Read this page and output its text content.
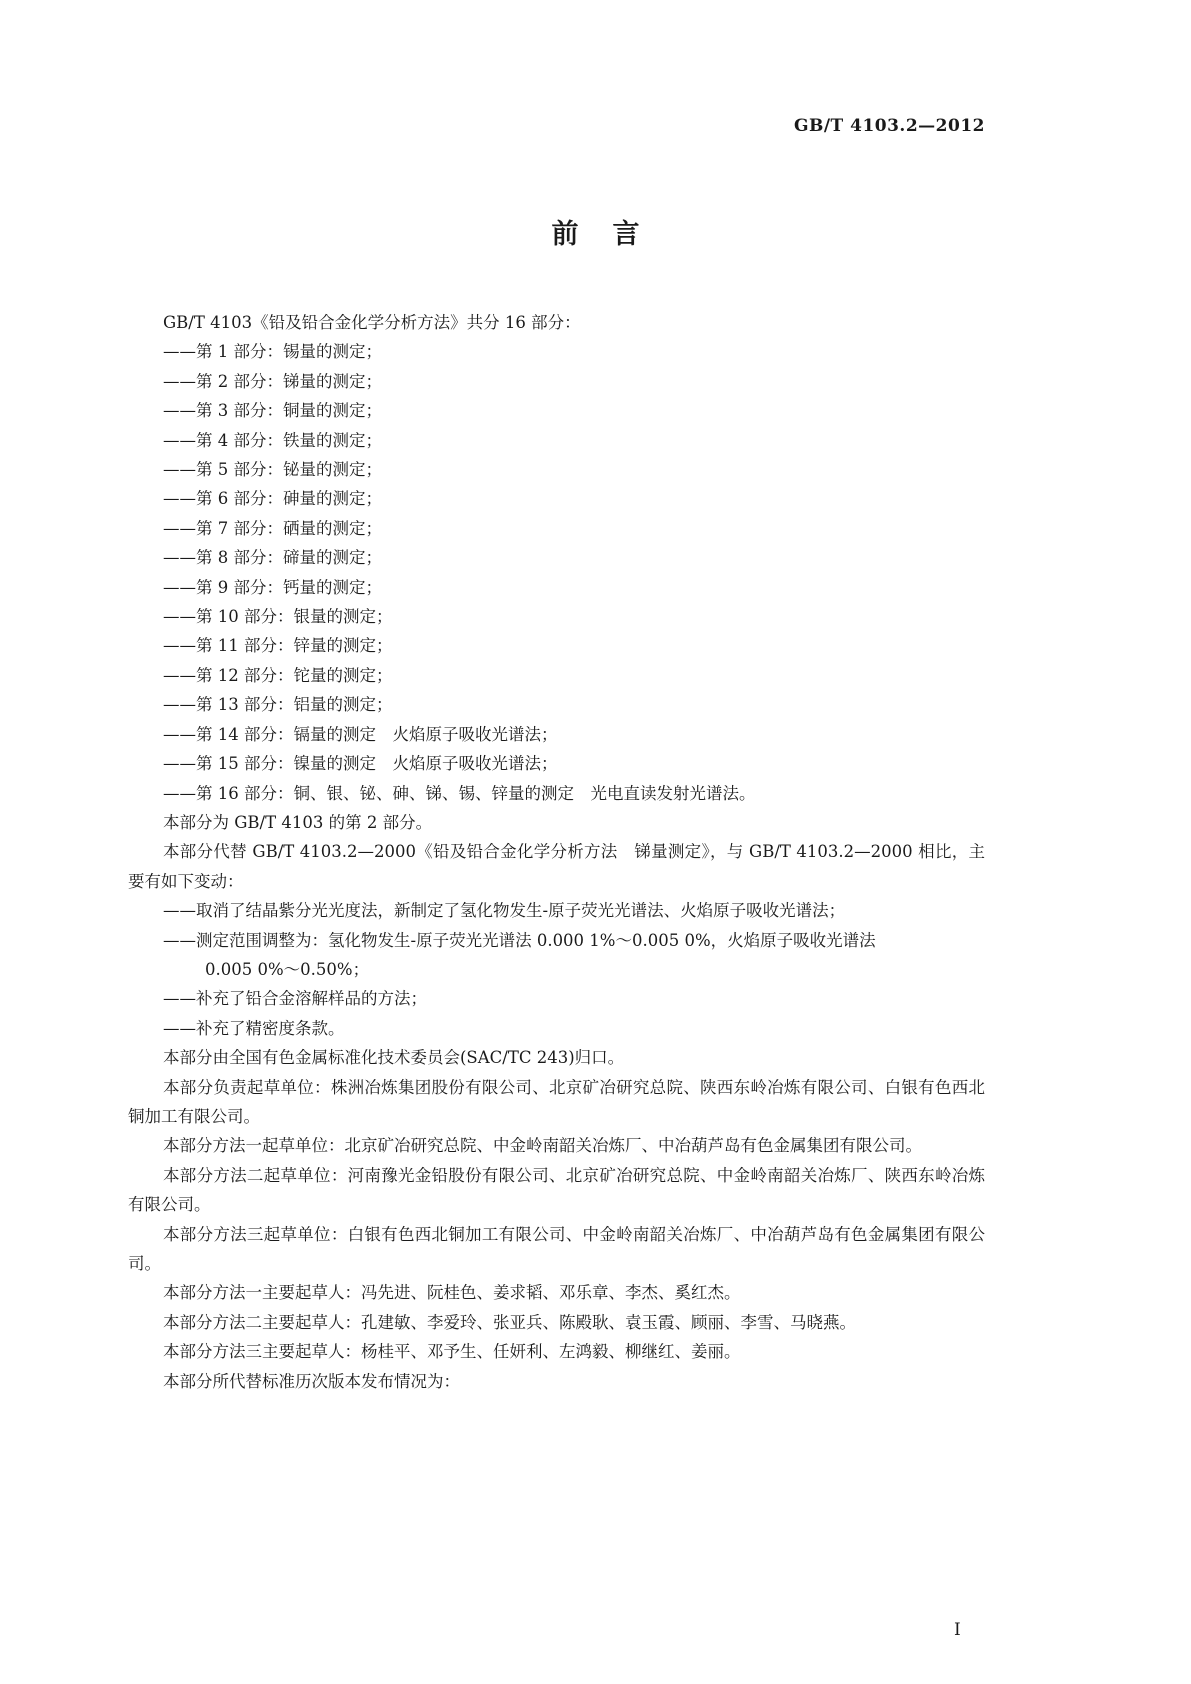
GB/T 4103.2—2012
前言

GB/T 4103《铅及铅合金化学分析方法》共分 16 部分：

——第 1 部分：锡量的测定；

——第 2 部分：锑量的测定；

——第 3 部分：铜量的测定；

——第 4 部分：铁量的测定；

——第 5 部分：铋量的测定；

——第 6 部分：砷量的测定；

——第 7 部分：硒量的测定；

——第 8 部分：碲量的测定；

——第 9 部分：钙量的测定；

——第 10 部分：银量的测定；

——第 11 部分：锌量的测定；

——第 12 部分：铊量的测定；

——第 13 部分：铝量的测定；

——第 14 部分：镉量的测定　火焰原子吸收光谱法；

——第 15 部分：镍量的测定　火焰原子吸收光谱法；

——第 16 部分：铜、银、铋、砷、锑、锡、锌量的测定　光电直读发射光谱法。

本部分为 GB/T 4103 的第 2 部分。

本部分代替 GB/T 4103.2—2000《铅及铅合金化学分析方法　锑量测定》，与 GB/T 4103.2—2000 相比，主要有如下变动：

——取消了结晶紫分光光度法，新制定了氢化物发生-原子荧光光谱法、火焰原子吸收光谱法；

——测定范围调整为：氢化物发生-原子荧光光谱法 0.000 1%～0.005 0%，火焰原子吸收光谱法

0.005 0%～0.50%；

——补充了铅合金溶解样品的方法；

——补充了精密度条款。

本部分由全国有色金属标准化技术委员会(SAC/TC 243)归口。

本部分负责起草单位：株洲冶炼集团股份有限公司、北京矿冶研究总院、陕西东岭冶炼有限公司、白银有色西北铜加工有限公司。

本部分方法一起草单位：北京矿冶研究总院、中金岭南韶关冶炼厂、中冶葫芦岛有色金属集团有限公司。

本部分方法二起草单位：河南豫光金铅股份有限公司、北京矿冶研究总院、中金岭南韶关冶炼厂、陕西东岭冶炼有限公司。

本部分方法三起草单位：白银有色西北铜加工有限公司、中金岭南韶关冶炼厂、中冶葫芦岛有色金属集团有限公司。

本部分方法一主要起草人：冯先进、阮桂色、姜求韬、邓乐章、李杰、奚红杰。

本部分方法二主要起草人：孔建敏、李爱玲、张亚兵、陈殿耿、袁玉霞、顾丽、李雪、马晓燕。

本部分方法三主要起草人：杨桂平、邓予生、任妍利、左鸿毅、柳继红、姜丽。

本部分所代替标准历次版本发布情况为：

I
